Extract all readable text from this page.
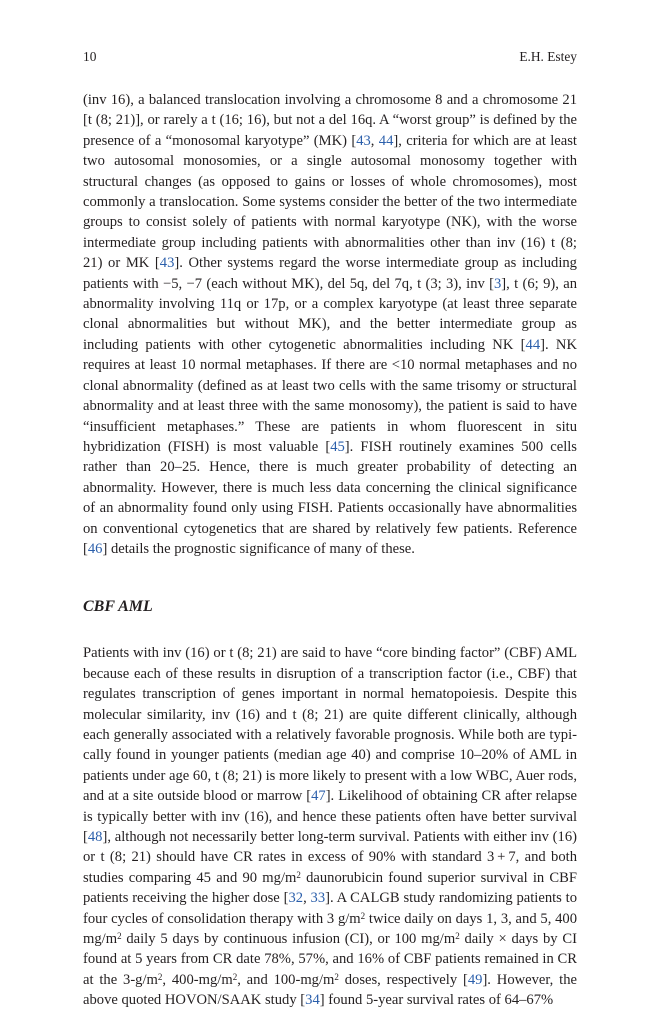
10	E.H. Estey

(inv 16), a balanced translocation involving a chromosome 8 and a chromosome 21 [t (8; 21)], or rarely a t (16; 16), but not a del 16q. A “worst group” is defined by the presence of a “monosomal karyotype” (MK) [43, 44], criteria for which are at least two autosomal monosomies, or a single autosomal monosomy together with structural changes (as opposed to gains or losses of whole chromosomes), most commonly a translocation. Some systems consider the better of the two intermediate groups to consist solely of patients with normal karyotype (NK), with the worse intermediate group including patients with abnormalities other than inv (16) t (8; 21) or MK [43]. Other systems regard the worse intermediate group as including patients with −5, −7 (each without MK), del 5q, del 7q, t (3; 3), inv [3], t (6; 9), an abnormality involving 11q or 17p, or a complex karyotype (at least three separate clonal abnormalities but without MK), and the better intermediate group as including patients with other cytogenetic abnormalities including NK [44]. NK requires at least 10 normal metaphases. If there are <10 normal metaphases and no clonal abnormality (defined as at least two cells with the same trisomy or structural abnormality and at least three with the same monosomy), the patient is said to have “insufficient metaphases.” These are patients in whom fluorescent in situ hybridization (FISH) is most valuable [45]. FISH routinely examines 500 cells rather than 20–25. Hence, there is much greater probability of detecting an abnormality. However, there is much less data concerning the clinical significance of an abnormality found only using FISH. Patients occasionally have abnormalities on conventional cytogenetics that are shared by relatively few patients. Reference [46] details the prognostic significance of many of these.

CBF AML

Patients with inv (16) or t (8; 21) are said to have “core binding factor” (CBF) AML because each of these results in disruption of a transcription factor (i.e., CBF) that regulates transcription of genes important in normal hematopoiesis. Despite this molecular similarity, inv (16) and t (8; 21) are quite different clinically, although each generally associated with a relatively favorable prognosis. While both are typically found in younger patients (median age 40) and comprise 10–20% of AML in patients under age 60, t (8; 21) is more likely to present with a low WBC, Auer rods, and at a site outside blood or marrow [47]. Likelihood of obtaining CR after relapse is typically better with inv (16), and hence these patients often have better survival [48], although not necessarily better long-term survival. Patients with either inv (16) or t (8; 21) should have CR rates in excess of 90% with standard 3 + 7, and both studies comparing 45 and 90 $mg/m^2$ daunorubicin found superior survival in CBF patients receiving the higher dose [32, 33]. A CALGB study randomizing patients to four cycles of consolidation therapy with 3 $g/m^2$ twice daily on days 1, 3, and 5, 400 $mg/m^2$ daily 5 days by continuous infusion (CI), or 100 $mg/m^2$ daily × days by CI found at 5 years from CR date 78%, 57%, and 16% of CBF patients remained in CR at the $3-g/m^2$, $400-mg/m^2$, and $100-mg/m^2$ doses, respectively [49]. However, the above quoted HOVON/SAAK study [34] found 5-year survival rates of 64–67%
